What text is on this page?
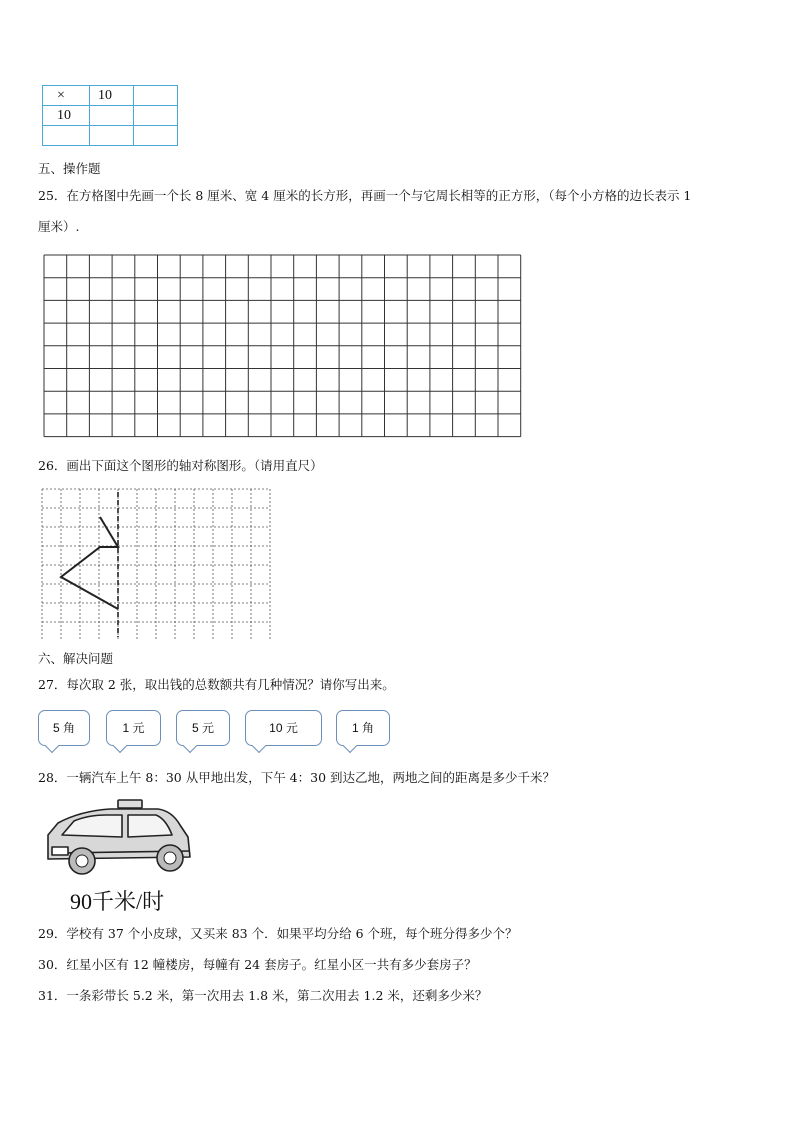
×	10	
10		

五、操作题
25．在方格图中先画一个长 8 厘米、宽 4 厘米的长方形，再画一个与它周长相等的正方形，（每个小方格的边长表示 1
厘米）.
26．画出下面这个图形的轴对称图形。（请用直尺）
六、解决问题
27．每次取 2 张，取出钱的总数额共有几种情况？请你写出来。
5 角	1 元	5 元	10 元	1 角
28．一辆汽车上午 8：30 从甲地出发，下午 4：30 到达乙地，两地之间的距离是多少千米？
90千米/时
29．学校有 37 个小皮球，又买来 83 个．如果平均分给 6 个班，每个班分得多少个？
30．红星小区有 12 幢楼房，每幢有 24 套房子。红星小区一共有多少套房子？
31．一条彩带长 5.2 米，第一次用去 1.8 米，第二次用去 1.2 米，还剩多少米？
